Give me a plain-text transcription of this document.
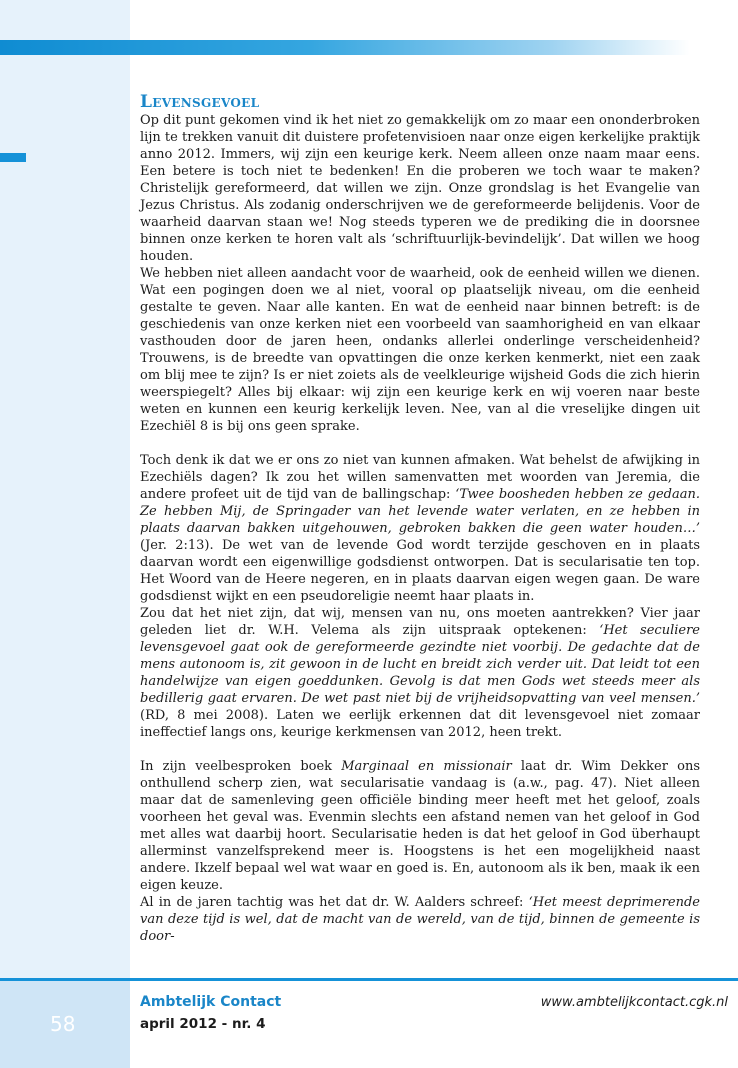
Levensgevoel

Op dit punt gekomen vind ik het niet zo gemakkelijk om zo maar een ononderbroken lijn te trekken vanuit dit duistere profetenvisioen naar onze eigen kerkelijke praktijk anno 2012. Immers, wij zijn een keurige kerk. Neem alleen onze naam maar eens. Een betere is toch niet te bedenken! En die proberen we toch waar te maken? Christelijk gereformeerd, dat willen we zijn. Onze grondslag is het Evangelie van Jezus Christus. Als zodanig onderschrijven we de gereformeerde belijdenis. Voor de waarheid daarvan staan we! Nog steeds typeren we de prediking die in doorsnee binnen onze kerken te horen valt als ‘schriftuurlijk-bevindelijk’. Dat willen we hoog houden.

We hebben niet alleen aandacht voor de waarheid, ook de eenheid willen we dienen. Wat een pogingen doen we al niet, vooral op plaatselijk niveau, om die eenheid gestalte te geven. Naar alle kanten. En wat de eenheid naar binnen betreft: is de geschiedenis van onze kerken niet een voorbeeld van saamhorigheid en van elkaar vasthouden door de jaren heen, ondanks allerlei onderlinge verscheidenheid? Trouwens, is de breedte van opvattingen die onze kerken kenmerkt, niet een zaak om blij mee te zijn? Is er niet zoiets als de veelkleurige wijsheid Gods die zich hierin weerspiegelt? Alles bij elkaar: wij zijn een keurige kerk en wij voeren naar beste weten en kunnen een keurig kerkelijk leven. Nee, van al die vreselijke dingen uit Ezechiël 8 is bij ons geen sprake.

Toch denk ik dat we er ons zo niet van kunnen afmaken. Wat behelst de afwijking in Ezechiëls dagen? Ik zou het willen samenvatten met woorden van Jeremia, die andere profeet uit de tijd van de ballingschap: ‘Twee boosheden hebben ze gedaan. Ze hebben Mij, de Springader van het levende water verlaten, en ze hebben in plaats daarvan bakken uitgehouwen, gebroken bakken die geen water houden…’ (Jer. 2:13). De wet van de levende God wordt terzijde geschoven en in plaats daarvan wordt een eigenwillige godsdienst ontworpen. Dat is secularisatie ten top. Het Woord van de Heere negeren, en in plaats daarvan eigen wegen gaan. De ware godsdienst wijkt en een pseudoreligie neemt haar plaats in.

Zou dat het niet zijn, dat wij, mensen van nu, ons moeten aantrekken? Vier jaar geleden liet dr. W.H. Velema als zijn uitspraak optekenen: ‘Het seculiere levensgevoel gaat ook de gereformeerde gezindte niet voorbij. De gedachte dat de mens autonoom is, zit gewoon in de lucht en breidt zich verder uit. Dat leidt tot een handelwijze van eigen goeddunken. Gevolg is dat men Gods wet steeds meer als bedillerig gaat ervaren. De wet past niet bij de vrijheidsopvatting van veel mensen.’ (RD, 8 mei 2008). Laten we eerlijk erkennen dat dit levensgevoel niet zomaar ineffectief langs ons, keurige kerkmensen van 2012, heen trekt.

In zijn veelbesproken boek Marginaal en missionair laat dr. Wim Dekker ons onthullend scherp zien, wat secularisatie vandaag is (a.w., pag. 47). Niet alleen maar dat de samenleving geen officiële binding meer heeft met het geloof, zoals voorheen het geval was. Evenmin slechts een afstand nemen van het geloof in God met alles wat daarbij hoort. Secularisatie heden is dat het geloof in God überhaupt allerminst vanzelfsprekend meer is. Hoogstens is het een mogelijkheid naast andere. Ikzelf bepaal wel wat waar en goed is. En, autonoom als ik ben, maak ik een eigen keuze.

Al in de jaren tachtig was het dat dr. W. Aalders schreef: ‘Het meest deprimerende van deze tijd is wel, dat de macht van de wereld, van de tijd, binnen de gemeente is door-

Ambtelijk Contact
april 2012 - nr. 4
www.ambtelijkcontact.cgk.nl
58
